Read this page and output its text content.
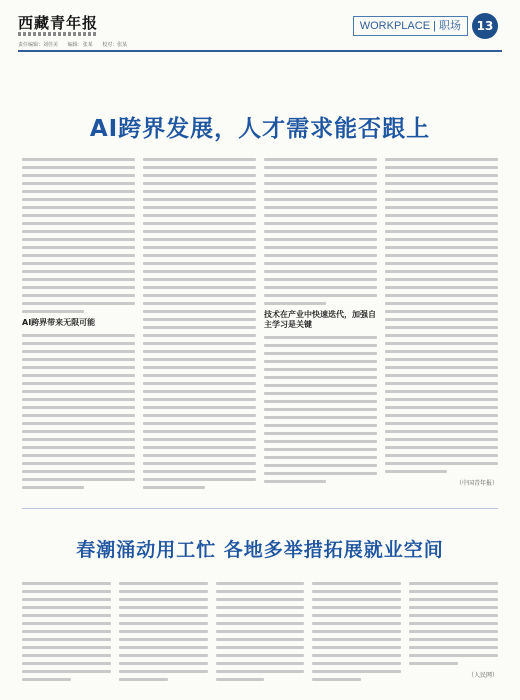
西藏青年报
责任编辑：刘佳美 编辑：张某 校对：张某
WORKPLACE | 职场	13
AI跨界发展，人才需求能否跟上
AI跨界带来无限可能
技术在产业中快速迭代，加强自主学习是关键
（中国青年报）
春潮涌动用工忙 各地多举措拓展就业空间
（人民网）
